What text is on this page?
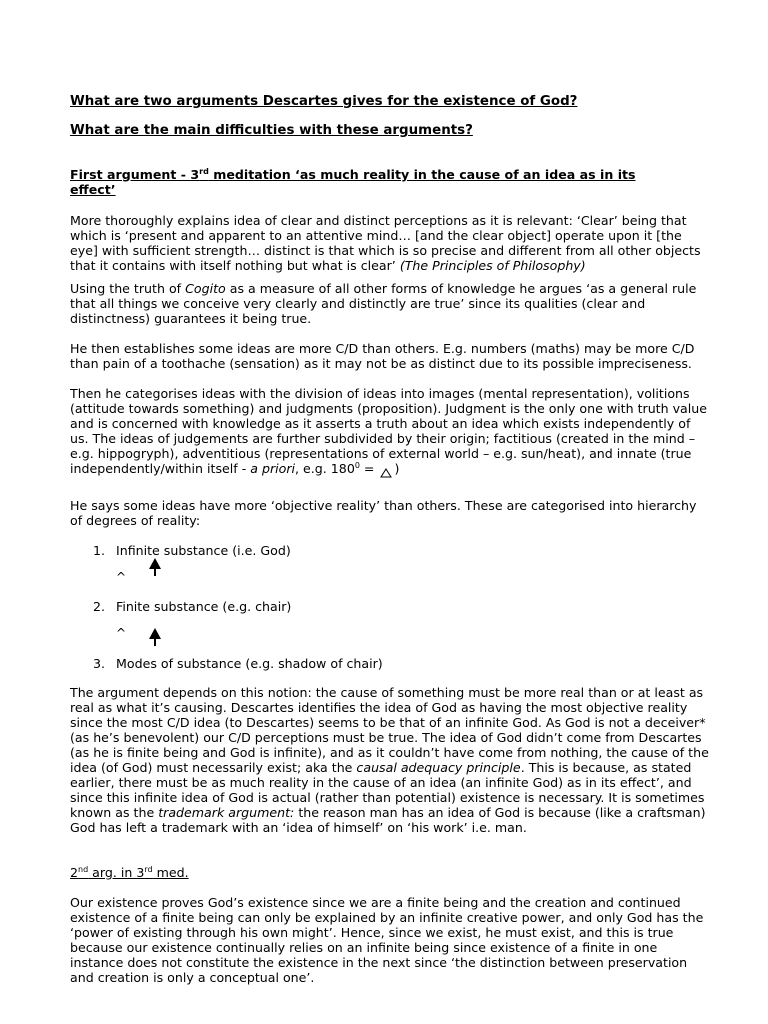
What are two arguments Descartes gives for the existence of God?
What are the main difficulties with these arguments?
First argument - 3rd meditation ‘as much reality in the cause of an idea as in its
effect’

More thoroughly explains idea of clear and distinct perceptions as it is relevant: ‘Clear’ being that which is ‘present and apparent to an attentive mind… [and the clear object] operate upon it [the eye] with sufficient strength… distinct is that which is so precise and different from all other objects that it contains with itself nothing but what is clear’ (The Principles of Philosophy)

Using the truth of Cogito as a measure of all other forms of knowledge he argues ‘as a general rule that all things we conceive very clearly and distinctly are true’ since its qualities (clear and distinctness) guarantees it being true.

He then establishes some ideas are more C/D than others. E.g. numbers (maths) may be more C/D than pain of a toothache (sensation) as it may not be as distinct due to its possible impreciseness.

Then he categorises ideas with the division of ideas into images (mental representation), volitions (attitude towards something) and judgments (proposition). Judgment is the only one with truth value and is concerned with knowledge as it asserts a truth about an idea which exists independently of us. The ideas of judgements are further subdivided by their origin; factitious (created in the mind – e.g. hippogryph), adventitious (representations of external world – e.g. sun/heat), and innate (true independently/within itself - a priori, e.g. $180^0$ = )

He says some ideas have more ‘objective reality’ than others. These are categorised into hierarchy of degrees of reality:

1. Infinite substance (i.e. God)
^
2. Finite substance (e.g. chair)
^
3. Modes of substance (e.g. shadow of chair)

The argument depends on this notion: the cause of something must be more real than or at least as real as what it’s causing. Descartes identifies the idea of God as having the most objective reality since the most C/D idea (to Descartes) seems to be that of an infinite God. As God is not a deceiver* (as he’s benevolent) our C/D perceptions must be true. The idea of God didn’t come from Descartes (as he is finite being and God is infinite), and as it couldn’t have come from nothing, the cause of the idea (of God) must necessarily exist; aka the causal adequacy principle. This is because, as stated earlier, there must be as much reality in the cause of an idea (an infinite God) as in its effect’, and since this infinite idea of God is actual (rather than potential) existence is necessary. It is sometimes known as the trademark argument: the reason man has an idea of God is because (like a craftsman) God has left a trademark with an ‘idea of himself’ on ‘his work’ i.e. man.

2nd arg. in 3rd med.

Our existence proves God’s existence since we are a finite being and the creation and continued existence of a finite being can only be explained by an infinite creative power, and only God has the ‘power of existing through his own might’. Hence, since we exist, he must exist, and this is true because our existence continually relies on an infinite being since existence of a finite in one instance does not constitute the existence in the next since ‘the distinction between preservation and creation is only a conceptual one’.
